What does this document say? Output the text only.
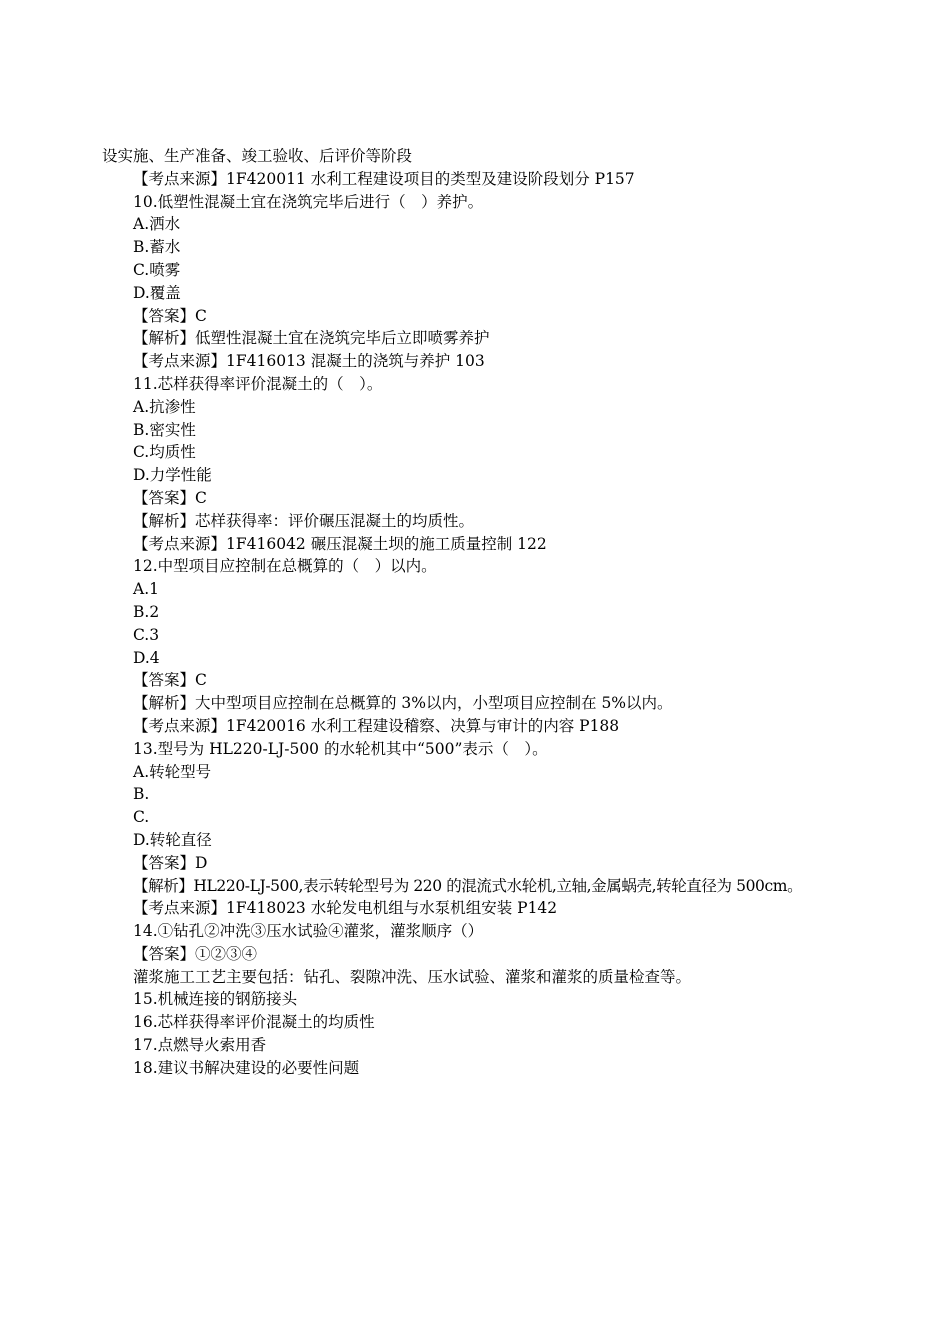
设实施、生产准备、竣工验收、后评价等阶段
【考点来源】1F420011 水利工程建设项目的类型及建设阶段划分 P157
10.低塑性混凝土宜在浇筑完毕后进行（　）养护。
A.洒水
B.蓄水
C.喷雾
D.覆盖
【答案】C
【解析】低塑性混凝土宜在浇筑完毕后立即喷雾养护
【考点来源】1F416013 混凝土的浇筑与养护 103
11.芯样获得率评价混凝土的（　）。
A.抗渗性
B.密实性
C.均质性
D.力学性能
【答案】C
【解析】芯样获得率：评价碾压混凝土的均质性。
【考点来源】1F416042 碾压混凝土坝的施工质量控制 122
12.中型项目应控制在总概算的（　）以内。
A.1
B.2
C.3
D.4
【答案】C
【解析】大中型项目应控制在总概算的 3%以内，小型项目应控制在 5%以内。
【考点来源】1F420016 水利工程建设稽察、决算与审计的内容 P188
13.型号为 HL220-LJ-500 的水轮机其中“500”表示（　）。
A.转轮型号
B.
C.
D.转轮直径
【答案】D
【解析】HL220-LJ-500,表示转轮型号为 220 的混流式水轮机,立轴,金属蜗壳,转轮直径为 500cm。
【考点来源】1F418023 水轮发电机组与水泵机组安装 P142
14.①钻孔②冲洗③压水试验④灌浆，灌浆顺序（）
【答案】①②③④
灌浆施工工艺主要包括：钻孔、裂隙冲洗、压水试验、灌浆和灌浆的质量检查等。
15.机械连接的钢筋接头
16.芯样获得率评价混凝土的均质性
17.点燃导火索用香
18.建议书解决建设的必要性问题
